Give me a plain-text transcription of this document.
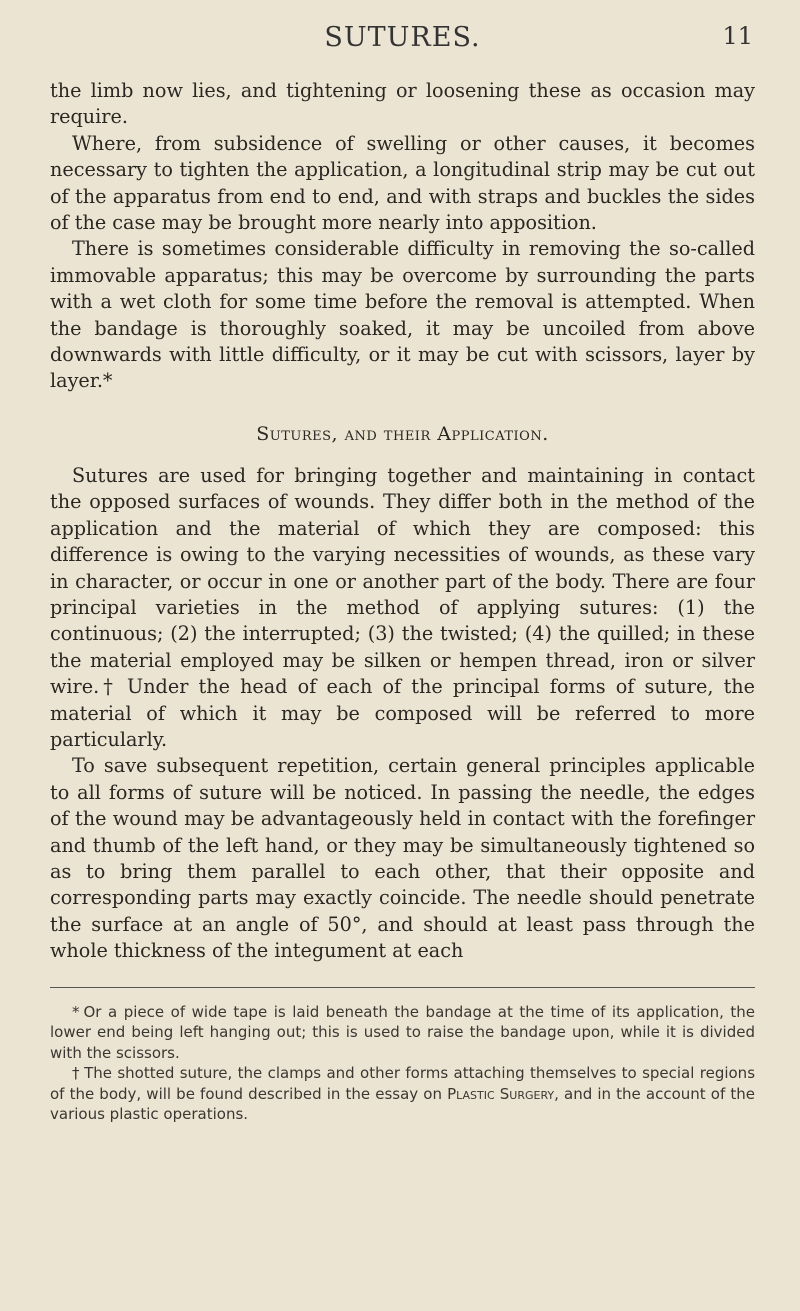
SUTURES.	11

the limb now lies, and tightening or loosening these as occasion may require.

Where, from subsidence of swelling or other causes, it becomes necessary to tighten the application, a longitudinal strip may be cut out of the apparatus from end to end, and with straps and buckles the sides of the case may be brought more nearly into apposition.

There is sometimes considerable difficulty in removing the so-called immovable apparatus; this may be overcome by surrounding the parts with a wet cloth for some time before the removal is attempted. When the bandage is thoroughly soaked, it may be uncoiled from above downwards with little difficulty, or it may be cut with scissors, layer by layer.*

Sutures, and their Application.

Sutures are used for bringing together and maintaining in contact the opposed surfaces of wounds. They differ both in the method of the application and the material of which they are composed: this difference is owing to the varying necessities of wounds, as these vary in character, or occur in one or another part of the body. There are four principal varieties in the method of applying sutures: (1) the continuous; (2) the interrupted; (3) the twisted; (4) the quilled; in these the material employed may be silken or hempen thread, iron or silver wire.† Under the head of each of the principal forms of suture, the material of which it may be composed will be referred to more particularly.

To save subsequent repetition, certain general principles applicable to all forms of suture will be noticed. In passing the needle, the edges of the wound may be advantageously held in contact with the forefinger and thumb of the left hand, or they may be simultaneously tightened so as to bring them parallel to each other, that their opposite and corresponding parts may exactly coincide. The needle should penetrate the surface at an angle of 50°, and should at least pass through the whole thickness of the integument at each

* Or a piece of wide tape is laid beneath the bandage at the time of its application, the lower end being left hanging out; this is used to raise the bandage upon, while it is divided with the scissors.

† The shotted suture, the clamps and other forms attaching themselves to special regions of the body, will be found described in the essay on Plastic Surgery, and in the account of the various plastic operations.
